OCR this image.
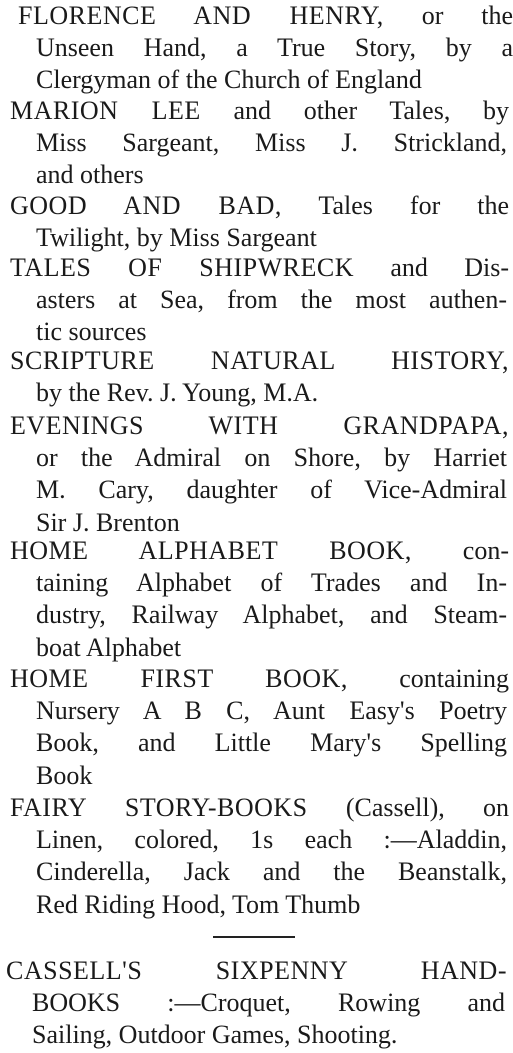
FLORENCE AND HENRY, or the
Unseen Hand, a True Story, by a
Clergyman of the Church of England
MARION LEE and other Tales, by
Miss Sargeant, Miss J. Strickland,
and others
GOOD AND BAD, Tales for the
Twilight, by Miss Sargeant
TALES OF SHIPWRECK and Dis-
asters at Sea, from the most authen-
tic sources
SCRIPTURE NATURAL HISTORY,
by the Rev. J. Young, M.A.
EVENINGS WITH GRANDPAPA,
or the Admiral on Shore, by Harriet
M. Cary, daughter of Vice-Admiral
Sir J. Brenton
HOME ALPHABET BOOK, con-
taining Alphabet of Trades and In-
dustry, Railway Alphabet, and Steam-
boat Alphabet
HOME FIRST BOOK, containing
Nursery A B C, Aunt Easy's Poetry
Book, and Little Mary's Spelling
Book
FAIRY STORY-BOOKS (Cassell), on
Linen, colored, 1s each :—Aladdin,
Cinderella, Jack and the Beanstalk,
Red Riding Hood, Tom Thumb
CASSELL'S SIXPENNY HAND-
BOOKS :—Croquet, Rowing and
Sailing, Outdoor Games, Shooting.
